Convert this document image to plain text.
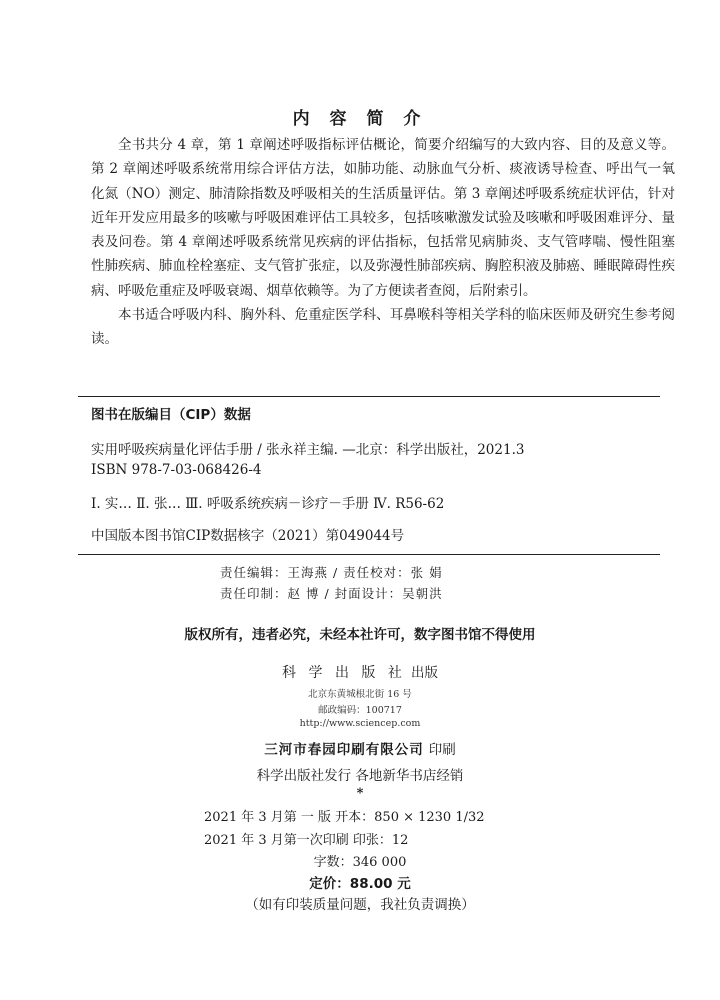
内 容 简 介

全书共分 4 章，第 1 章阐述呼吸指标评估概论，简要介绍编写的大致内容、目的及意义等。第 2 章阐述呼吸系统常用综合评估方法，如肺功能、动脉血气分析、痰液诱导检查、呼出气一氧化氮（NO）测定、肺清除指数及呼吸相关的生活质量评估。第 3 章阐述呼吸系统症状评估，针对近年开发应用最多的咳嗽与呼吸困难评估工具较多，包括咳嗽激发试验及咳嗽和呼吸困难评分、量表及问卷。第 4 章阐述呼吸系统常见疾病的评估指标，包括常见病肺炎、支气管哮喘、慢性阻塞性肺疾病、肺血栓栓塞症、支气管扩张症，以及弥漫性肺部疾病、胸腔积液及肺癌、睡眠障碍性疾病、呼吸危重症及呼吸衰竭、烟草依赖等。为了方便读者查阅，后附索引。

本书适合呼吸内科、胸外科、危重症医学科、耳鼻喉科等相关学科的临床医师及研究生参考阅读。

图书在版编目（CIP）数据
实用呼吸疾病量化评估手册 / 张永祥主编. —北京：科学出版社，2021.3
ISBN 978-7-03-068426-4
Ⅰ. 实… Ⅱ. 张… Ⅲ. 呼吸系统疾病－诊疗－手册 Ⅳ. R56-62
中国版本图书馆CIP数据核字（2021）第049044号
责任编辑：王海燕 / 责任校对：张 娟
责任印制：赵 博 / 封面设计：吴朝洪
版权所有，违者必究，未经本社许可，数字图书馆不得使用
科 学 出 版 社 出版
北京东黄城根北街 16 号
邮政编码：100717
http://www.sciencep.com
三河市春园印刷有限公司 印刷
科学出版社发行 各地新华书店经销
*
2021 年 3 月第 一 版 开本：850 × 1230 1/32
2021 年 3 月第一次印刷 印张：12
字数：346 000
定价：88.00 元
（如有印装质量问题，我社负责调换）
